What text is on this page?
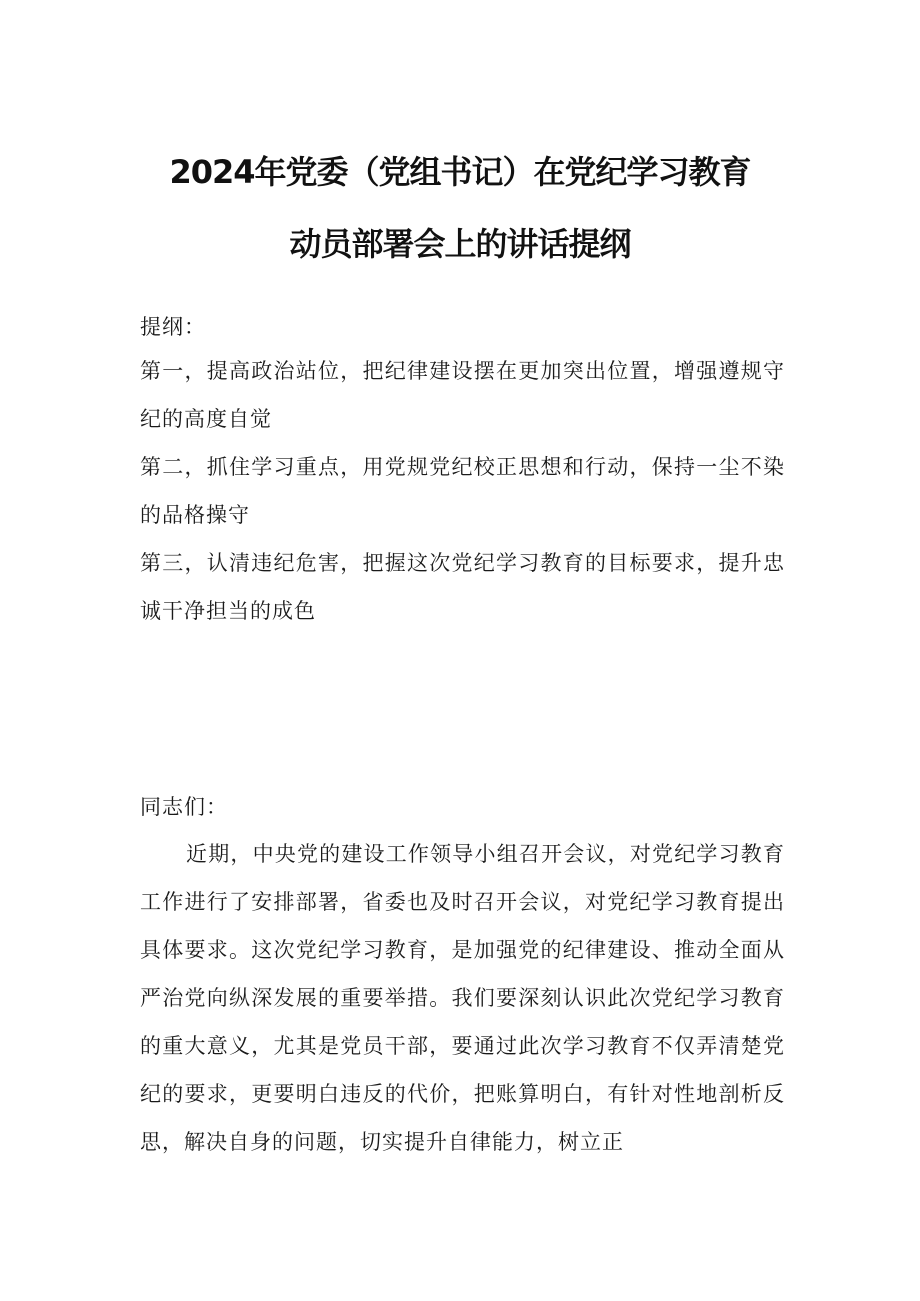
2024年党委（党组书记）在党纪学习教育
动员部署会上的讲话提纲

提纲：

第一，提高政治站位，把纪律建设摆在更加突出位置，增强遵规守纪的高度自觉

第二，抓住学习重点，用党规党纪校正思想和行动，保持一尘不染的品格操守

第三，认清违纪危害，把握这次党纪学习教育的目标要求，提升忠诚干净担当的成色

同志们：

近期，中央党的建设工作领导小组召开会议，对党纪学习教育工作进行了安排部署，省委也及时召开会议，对党纪学习教育提出具体要求。这次党纪学习教育，是加强党的纪律建设、推动全面从严治党向纵深发展的重要举措。我们要深刻认识此次党纪学习教育的重大意义，尤其是党员干部，要通过此次学习教育不仅弄清楚党纪的要求，更要明白违反的代价，把账算明白，有针对性地剖析反思，解决自身的问题，切实提升自律能力，树立正
